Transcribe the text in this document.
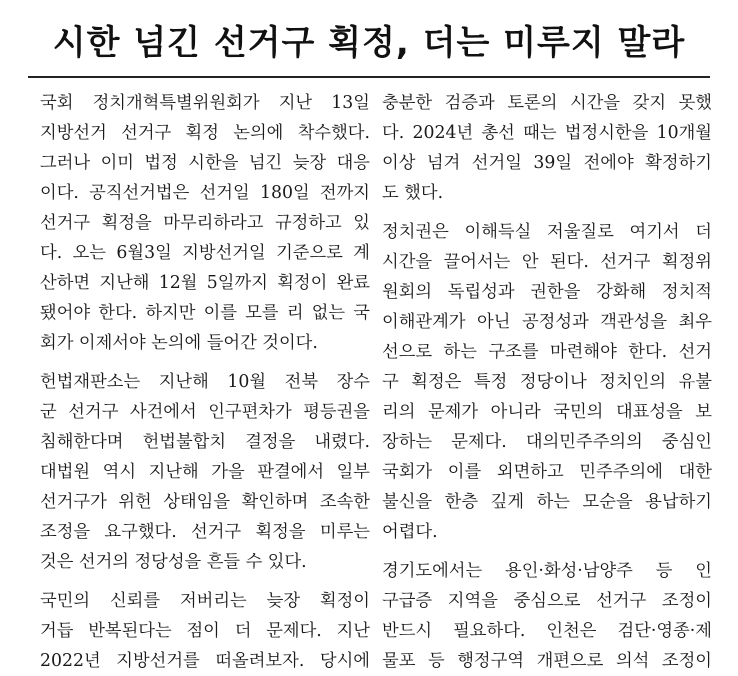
시한 넘긴 선거구 획정, 더는 미루지 말라
국회 정치개혁특별위원회가 지난 13일
지방선거 선거구 획정 논의에 착수했다.
그러나 이미 법정 시한을 넘긴 늦장 대응
이다. 공직선거법은 선거일 180일 전까지
선거구 획정을 마무리하라고 규정하고 있
다. 오는 6월3일 지방선거일 기준으로 계
산하면 지난해 12월 5일까지 획정이 완료
됐어야 한다. 하지만 이를 모를 리 없는 국
회가 이제서야 논의에 들어간 것이다.
헌법재판소는 지난해 10월 전북 장수
군 선거구 사건에서 인구편차가 평등권을
침해한다며 헌법불합치 결정을 내렸다.
대법원 역시 지난해 가을 판결에서 일부
선거구가 위헌 상태임을 확인하며 조속한
조정을 요구했다. 선거구 획정을 미루는
것은 선거의 정당성을 흔들 수 있다.
국민의 신뢰를 저버리는 늦장 획정이
거듭 반복된다는 점이 더 문제다. 지난
2022년 지방선거를 떠올려보자. 당시에
충분한 검증과 토론의 시간을 갖지 못했
다. 2024년 총선 때는 법정시한을 10개월
이상 넘겨 선거일 39일 전에야 확정하기
도 했다.
정치권은 이해득실 저울질로 여기서 더
시간을 끌어서는 안 된다. 선거구 획정위
원회의 독립성과 권한을 강화해 정치적
이해관계가 아닌 공정성과 객관성을 최우
선으로 하는 구조를 마련해야 한다. 선거
구 획정은 특정 정당이나 정치인의 유불
리의 문제가 아니라 국민의 대표성을 보
장하는 문제다. 대의민주주의의 중심인
국회가 이를 외면하고 민주주의에 대한
불신을 한층 깊게 하는 모순을 용납하기
어렵다.
경기도에서는 용인·화성·남양주 등 인
구급증 지역을 중심으로 선거구 조정이
반드시 필요하다. 인천은 검단·영종·제
물포 등 행정구역 개편으로 의석 조정이
